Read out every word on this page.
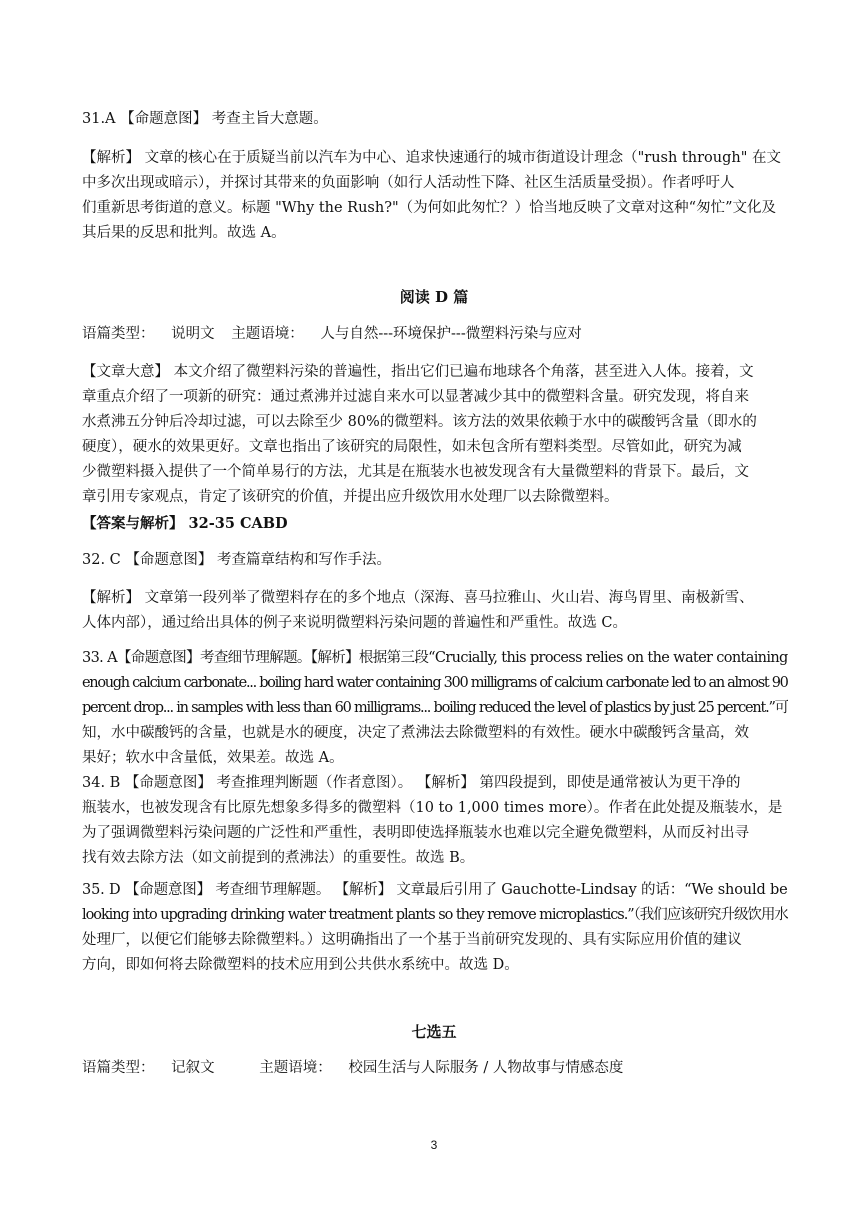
31.A 【命题意图】 考查主旨大意题。
【解析】 文章的核心在于质疑当前以汽车为中心、追求快速通行的城市街道设计理念（"rush through" 在文
中多次出现或暗示），并探讨其带来的负面影响（如行人活动性下降、社区生活质量受损）。作者呼吁人
们重新思考街道的意义。标题 "Why the Rush?"（为何如此匆忙？）恰当地反映了文章对这种“匆忙”文化及
其后果的反思和批判。故选 A。
阅读 D 篇
语篇类型： 说明文 主题语境： 人与自然---环境保护---微塑料污染与应对
【文章大意】 本文介绍了微塑料污染的普遍性，指出它们已遍布地球各个角落，甚至进入人体。接着，文
章重点介绍了一项新的研究：通过煮沸并过滤自来水可以显著减少其中的微塑料含量。研究发现，将自来
水煮沸五分钟后冷却过滤，可以去除至少 80%的微塑料。该方法的效果依赖于水中的碳酸钙含量（即水的
硬度），硬水的效果更好。文章也指出了该研究的局限性，如未包含所有塑料类型。尽管如此，研究为减
少微塑料摄入提供了一个简单易行的方法，尤其是在瓶装水也被发现含有大量微塑料的背景下。最后，文
章引用专家观点，肯定了该研究的价值，并提出应升级饮用水处理厂以去除微塑料。
【答案与解析】 32-35 CABD
32. C 【命题意图】 考查篇章结构和写作手法。
【解析】 文章第一段列举了微塑料存在的多个地点（深海、喜马拉雅山、火山岩、海鸟胃里、南极新雪、
人体内部），通过给出具体的例子来说明微塑料污染问题的普遍性和严重性。故选 C。
33. A【命题意图】考查细节理解题。【解析】根据第三段“Crucially, this process relies on the water containing
enough calcium carbonate... boiling hard water containing 300 milligrams of calcium carbonate led to an almost 90
percent drop... in samples with less than 60 milligrams... boiling reduced the level of plastics by just 25 percent.”可
知，水中碳酸钙的含量，也就是水的硬度，决定了煮沸法去除微塑料的有效性。硬水中碳酸钙含量高，效
果好；软水中含量低，效果差。故选 A。
34. B 【命题意图】 考查推理判断题（作者意图）。 【解析】 第四段提到，即使是通常被认为更干净的
瓶装水，也被发现含有比原先想象多得多的微塑料（10 to 1,000 times more）。作者在此处提及瓶装水，是
为了强调微塑料污染问题的广泛性和严重性，表明即使选择瓶装水也难以完全避免微塑料，从而反衬出寻
找有效去除方法（如文前提到的煮沸法）的重要性。故选 B。
35. D 【命题意图】 考查细节理解题。 【解析】 文章最后引用了 Gauchotte-Lindsay 的话：“We should be
looking into upgrading drinking water treatment plants so they remove microplastics.”（我们应该研究升级饮用水
处理厂，以便它们能够去除微塑料。）这明确指出了一个基于当前研究发现的、具有实际应用价值的建议
方向，即如何将去除微塑料的技术应用到公共供水系统中。故选 D。
七选五
语篇类型： 记叙文	主题语境： 校园生活与人际服务 / 人物故事与情感态度
3
